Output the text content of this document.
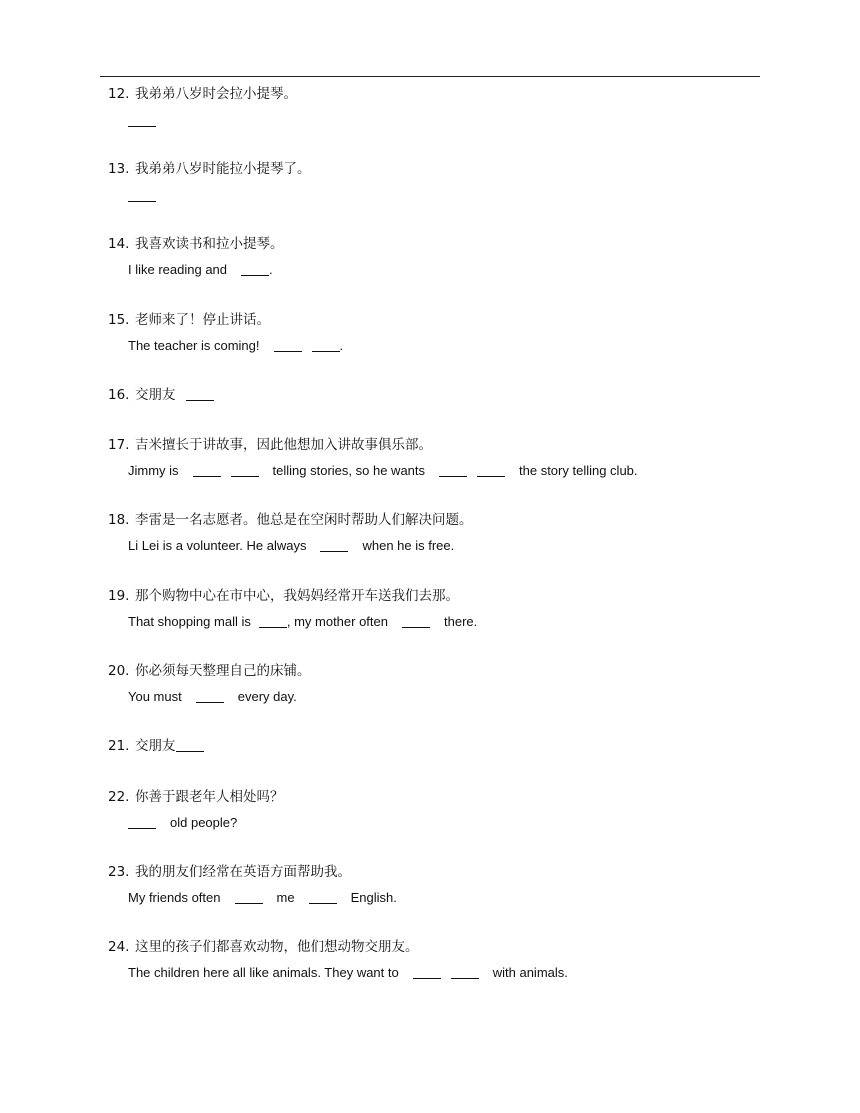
12. 我弟弟八岁时会拉小提琴。
13. 我弟弟八岁时能拉小提琴了。
14. 我喜欢读书和拉小提琴。
I like reading and	.
15. 老师来了！停止讲话。
The teacher is coming!	.
16. 交朋友
17. 吉米擅长于讲故事，因此他想加入讲故事俱乐部。
Jimmy is	telling stories, so he wants	the story telling club.
18. 李雷是一名志愿者。他总是在空闲时帮助人们解决问题。
Li Lei is a volunteer. He always	when he is free.
19. 那个购物中心在市中心，我妈妈经常开车送我们去那。
That shopping mall is	, my mother often	there.
20. 你必须每天整理自己的床铺。
You must	every day.
21. 交朋友
22. 你善于跟老年人相处吗？
old people?
23. 我的朋友们经常在英语方面帮助我。
My friends often	me	English.
24. 这里的孩子们都喜欢动物，他们想动物交朋友。
The children here all like animals. They want to	with animals.
